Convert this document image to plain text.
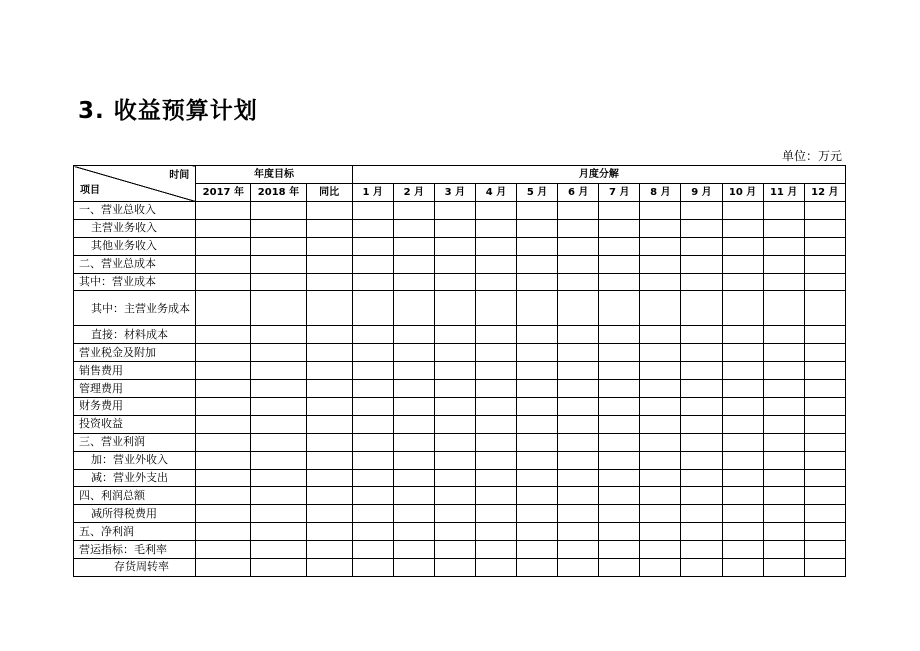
3. 收益预算计划
单位：万元
时间
项目	年度目标			月度分解											
	2017 年	2018 年	同比	1 月	2 月	3 月	4 月	5 月	6 月	7 月	8 月	9 月	10 月	11 月	12 月
一、营业总收入															
主营业务收入															
其他业务收入															
二、营业总成本															
其中：营业成本															
其中：主营业务成本															
直接：材料成本															
营业税金及附加															
销售费用															
管理费用															
财务费用															
投资收益															
三、营业利润															
加：营业外收入															
减：营业外支出															
四、利润总额															
减所得税费用															
五、净利润															
营运指标：毛利率															
存货周转率															
